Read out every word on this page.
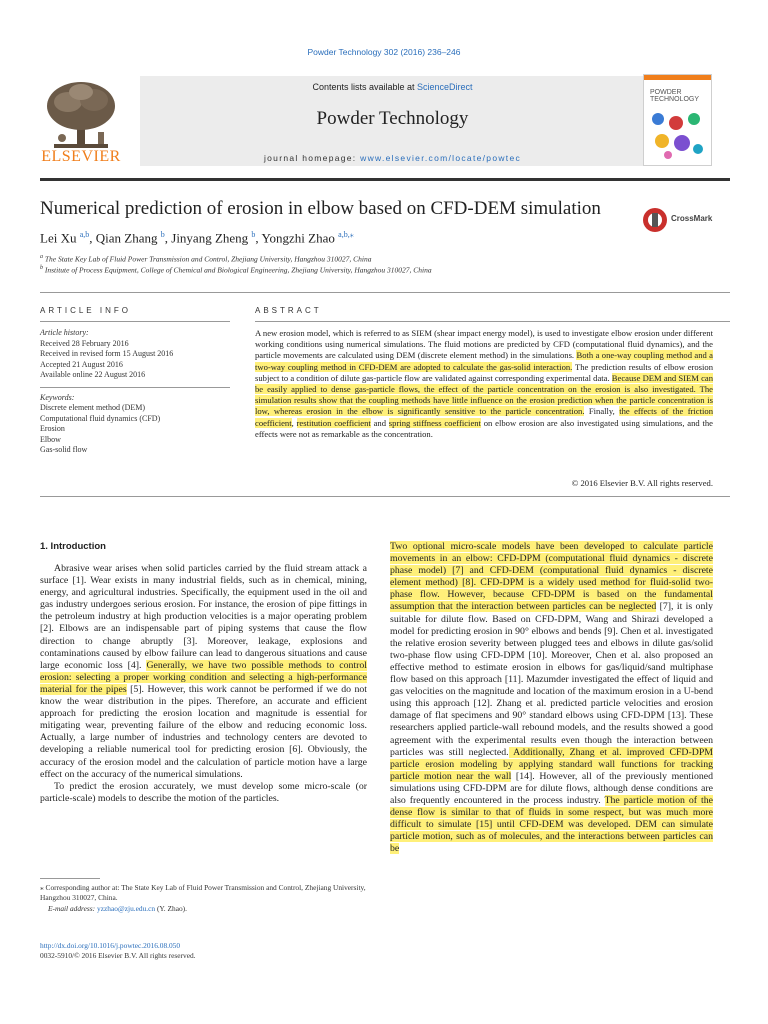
Powder Technology 302 (2016) 236–246
ELSEVIER
Contents lists available at ScienceDirect
Powder Technology
journal homepage: www.elsevier.com/locate/powtec
POWDER
TECHNOLOGY
Numerical prediction of erosion in elbow based on CFD-DEM simulation	CrossMark
Lei Xu $^{a,b}$, Qian Zhang $^b$, Jinyang Zheng $^b$, Yongzhi Zhao $^{a,b,⁎}$
$^a$ The State Key Lab of Fluid Power Transmission and Control, Zhejiang University, Hangzhou 310027, China
$^b$ Institute of Process Equipment, College of Chemical and Biological Engineering, Zhejiang University, Hangzhou 310027, China
ARTICLE INFO	ABSTRACT
Article history:
Received 28 February 2016
Received in revised form 15 August 2016
Accepted 21 August 2016
Available online 22 August 2016
Keywords:
Discrete element method (DEM)
Computational fluid dynamics (CFD)
Erosion
Elbow
Gas-solid flow
A new erosion model, which is referred to as SIEM (shear impact energy model), is used to investigate elbow erosion under different working conditions using numerical simulations. The fluid motions are predicted by CFD (computational fluid dynamics), and the particle movements are calculated using DEM (discrete element method) in the simulations. Both a one-way coupling method and a two-way coupling method in CFD-DEM are adopted to calculate the gas-solid interaction. The prediction results of elbow erosion subject to a condition of dilute gas-particle flow are validated against corresponding experimental data. Because DEM and SIEM can be easily applied to dense gas-particle flows, the effect of the particle concentration on the erosion is also investigated. The simulation results show that the coupling methods have little influence on the erosion prediction when the particle concentration is low, whereas erosion in the elbow is significantly sensitive to the particle concentration. Finally, the effects of the friction coefficient, restitution coefficient and spring stiffness coefficient on elbow erosion are also investigated using simulations, and the effects were not as remarkable as the concentration.
© 2016 Elsevier B.V. All rights reserved.
1. Introduction

Abrasive wear arises when solid particles carried by the fluid stream attack a surface [1]. Wear exists in many industrial fields, such as in chemical, mining, energy, and agricultural industries. Specifically, the equipment used in the oil and gas industry undergoes serious erosion. For instance, the erosion of pipe fittings in the petroleum industry at high production velocities is a major operating problem [2]. Elbows are an indispensable part of piping systems that cause the flow direction to change abruptly [3]. Moreover, leakage, explosions and contaminations caused by elbow failure can lead to dangerous situations and cause large economic loss [4]. Generally, we have two possible methods to control erosion: selecting a proper working condition and selecting a high-performance material for the pipes [5]. However, this work cannot be performed if we do not know the wear distribution in the pipes. Therefore, an accurate and efficient approach for predicting the erosion location and magnitude is essential for mitigating wear, preventing failure of the elbow and reducing economic loss. Actually, a large number of industries and technology centers are devoted to developing a reliable numerical tool for predicting erosion [6]. Obviously, the accuracy of the erosion model and the calculation of particle motion have a large effect on the accuracy of the numerical simulations.

To predict the erosion accurately, we must develop some micro-scale (or particle-scale) models to describe the motion of the particles.

Two optional micro-scale models have been developed to calculate particle movements in an elbow: CFD-DPM (computational fluid dynamics - discrete phase model) [7] and CFD-DEM (computational fluid dynamics - discrete element method) [8]. CFD-DPM is a widely used method for fluid-solid two-phase flow. However, because CFD-DPM is based on the fundamental assumption that the interaction between particles can be neglected [7], it is only suitable for dilute flow. Based on CFD-DPM, Wang and Shirazi developed a model for predicting erosion in 90° elbows and bends [9]. Chen et al. investigated the relative erosion severity between plugged tees and elbows in dilute gas/solid two-phase flow using CFD-DPM [10]. Moreover, Chen et al. also proposed an effective method to estimate erosion in elbows for gas/liquid/sand multiphase flow based on this approach [11]. Mazumder investigated the effect of liquid and gas velocities on the magnitude and location of the maximum erosion in a U-bend using this approach [12]. Zhang et al. predicted particle velocities and erosion damage of flat specimens and 90° standard elbows using CFD-DPM [13]. These researchers applied particle-wall rebound models, and the results showed a good agreement with the experimental results even though the interaction between particles was still neglected. Additionally, Zhang et al. improved CFD-DPM particle erosion modeling by applying standard wall functions for tracking particle motion near the wall [14]. However, all of the previously mentioned simulations using CFD-DPM are for dilute flows, although dense conditions are also frequently encountered in the process industry. The particle motion of the dense flow is similar to that of fluids in some respect, but was much more difficult to simulate [15] until CFD-DEM was developed. DEM can simulate particle motion, such as of molecules, and the interactions between particles can be

⁎ Corresponding author at: The State Key Lab of Fluid Power Transmission and Control, Zhejiang University, Hangzhou 310027, China.
E-mail address: yzzhao@zju.edu.cn (Y. Zhao).
http://dx.doi.org/10.1016/j.powtec.2016.08.050
0032-5910/© 2016 Elsevier B.V. All rights reserved.
